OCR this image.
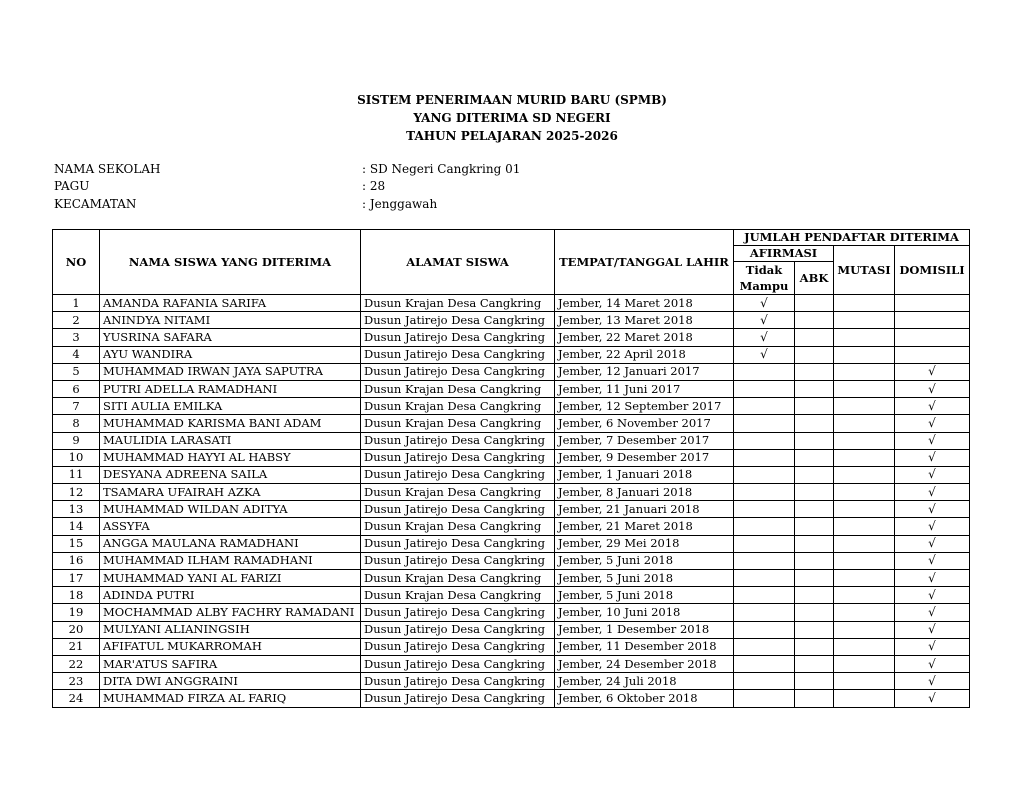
SISTEM PENERIMAAN MURID BARU (SPMB)
YANG DITERIMA SD NEGERI
TAHUN PELAJARAN 2025-2026
NAMA SEKOLAH	: SD Negeri Cangkring 01
PAGU	: 28
KECAMATAN	: Jenggawah
NO	NAMA SISWA YANG DITERIMA	ALAMAT SISWA	TEMPAT/TANGGAL LAHIR	JUMLAH PENDAFTAR DITERIMA			
				AFIRMASI		MUTASI	DOMISILI
				Tidak Mampu	ABK		
1	AMANDA RAFANIA SARIFA	Dusun Krajan Desa Cangkring	Jember, 14 Maret 2018	√			
2	ANINDYA NITAMI	Dusun Jatirejo Desa Cangkring	Jember, 13 Maret 2018	√			
3	YUSRINA SAFARA	Dusun Jatirejo Desa Cangkring	Jember, 22 Maret 2018	√			
4	AYU WANDIRA	Dusun Jatirejo Desa Cangkring	Jember, 22 April 2018	√			
5	MUHAMMAD IRWAN JAYA SAPUTRA	Dusun Jatirejo Desa Cangkring	Jember, 12 Januari 2017				√
6	PUTRI ADELLA RAMADHANI	Dusun Krajan Desa Cangkring	Jember, 11 Juni 2017				√
7	SITI AULIA EMILKA	Dusun Krajan Desa Cangkring	Jember, 12 September 2017				√
8	MUHAMMAD KARISMA BANI ADAM	Dusun Krajan Desa Cangkring	Jember, 6 November 2017				√
9	MAULIDIA LARASATI	Dusun Jatirejo Desa Cangkring	Jember, 7 Desember 2017				√
10	MUHAMMAD HAYYI AL HABSY	Dusun Jatirejo Desa Cangkring	Jember, 9 Desember 2017				√
11	DESYANA ADREENA SAILA	Dusun Jatirejo Desa Cangkring	Jember, 1 Januari 2018				√
12	TSAMARA UFAIRAH AZKA	Dusun Krajan Desa Cangkring	Jember, 8 Januari 2018				√
13	MUHAMMAD WILDAN ADITYA	Dusun Jatirejo Desa Cangkring	Jember, 21 Januari 2018				√
14	ASSYFA	Dusun Krajan Desa Cangkring	Jember, 21 Maret 2018				√
15	ANGGA MAULANA RAMADHANI	Dusun Jatirejo Desa Cangkring	Jember, 29 Mei 2018				√
16	MUHAMMAD ILHAM RAMADHANI	Dusun Jatirejo Desa Cangkring	Jember, 5 Juni 2018				√
17	MUHAMMAD YANI AL FARIZI	Dusun Krajan Desa Cangkring	Jember, 5 Juni 2018				√
18	ADINDA PUTRI	Dusun Krajan Desa Cangkring	Jember, 5 Juni 2018				√
19	MOCHAMMAD ALBY FACHRY RAMADANI	Dusun Jatirejo Desa Cangkring	Jember, 10 Juni 2018				√
20	MULYANI ALIANINGSIH	Dusun Jatirejo Desa Cangkring	Jember, 1 Desember 2018				√
21	AFIFATUL MUKARROMAH	Dusun Jatirejo Desa Cangkring	Jember, 11 Desember 2018				√
22	MAR'ATUS SAFIRA	Dusun Jatirejo Desa Cangkring	Jember, 24 Desember 2018				√
23	DITA DWI ANGGRAINI	Dusun Jatirejo Desa Cangkring	Jember, 24 Juli 2018				√
24	MUHAMMAD FIRZA AL FARIQ	Dusun Jatirejo Desa Cangkring	Jember, 6 Oktober 2018				√
